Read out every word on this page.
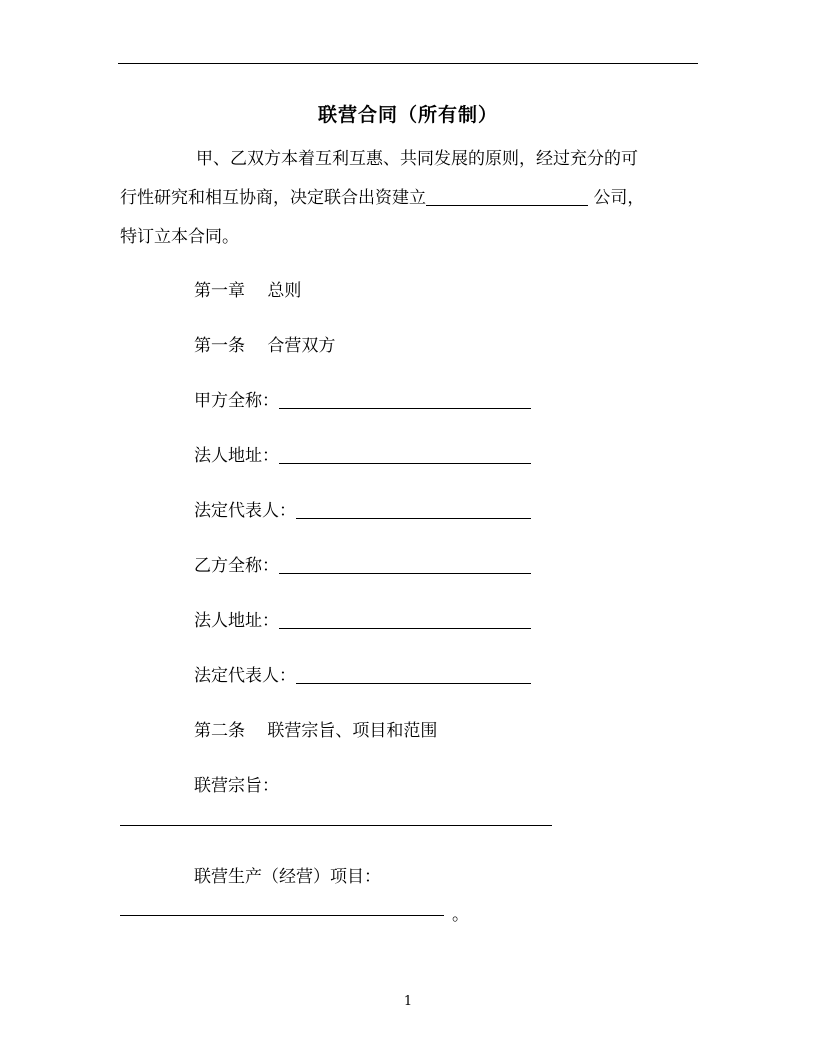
联营合同（所有制）
甲、乙双方本着互利互惠、共同发展的原则，经过充分的可
行性研究和相互协商，决定联合出资建立	公司，
特订立本合同。
第一章　 总则
第一条　 合营双方
甲方全称：
法人地址：
法定代表人：
乙方全称：
法人地址：
法定代表人：
第二条　 联营宗旨、项目和范围
联营宗旨：
联营生产（经营）项目：
。
1
